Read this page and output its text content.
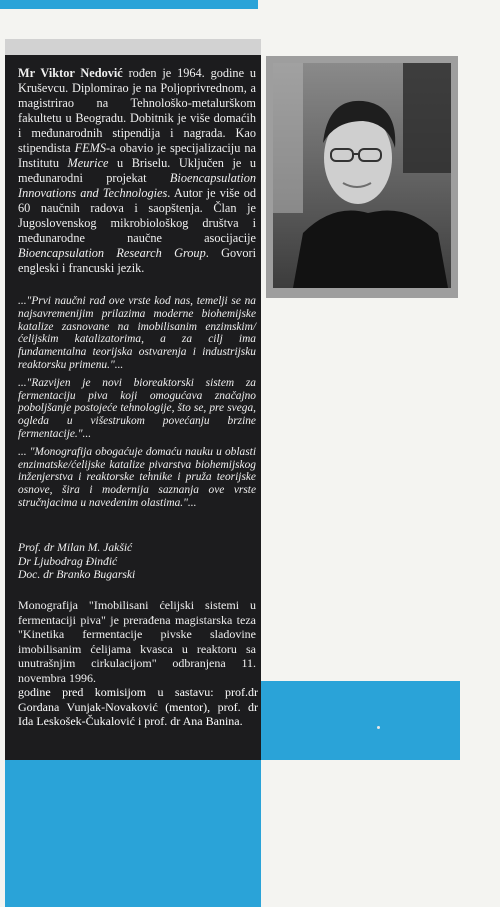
Mr Viktor Nedović rođen je 1964. godine u Kruševcu. Diplomirao je na Poljoprivrednom, a magistrirao na Tehnološko-metalurškom fakultetu u Beogradu. Dobitnik je više domaćih i međunarodnih stipendija i nagrada. Kao stipendista FEMS-a obavio je specijalizaciju na Institutu Meurice u Briselu. Uključen je u međunarodni projekat Bioencapsulation Innovations and Technologies. Autor je više od 60 naučnih radova i saopštenja. Član je Jugoslovenskog mikrobiološkog društva i međunarodne naučne asocijacije Bioencapsulation Research Group. Govori engleski i francuski jezik.

..."Prvi naučni rad ove vrste kod nas, temelji se na najsavremenijim prilazima moderne biohemijske katalize zasnovane na imobilisanim enzimskim/ćelijskim katalizatorima, a za cilj ima fundamentalna teorijska ostvarenja i industrijsku reaktorsku primenu."...

..."Razvijen je novi bioreaktorski sistem za fermentaciju piva koji omogućava značajno poboljšanje postojeće tehnologije, što se, pre svega, ogleda u višestrukom povećanju brzine fermentacije."...

... "Monografija obogaćuje domaću nauku u oblasti enzimatske/ćelijske katalize pivarstva biohemijskog inženjerstva i reaktorske tehnike i pruža teorijske osnove, šira i modernija saznanja ove vrste stručnjacima u navedenim olastima."...

Prof. dr Milan M. Jakšić
Dr Ljubodrag Đinđić
Doc. dr Branko Bugarski
Monografija "Imobilisani ćelijski sistemi u fermentaciji piva" je prerađena magistarska teza "Kinetika fermentacije pivske sladovine imobilisanim ćelijama kvasca u reaktoru sa unutrašnjim cirkulacijom" odbranjena 11. novembra 1996.
godine pred komisijom u sastavu: prof.dr Gordana Vunjak-Novaković (mentor), prof. dr Ida Leskošek-Čukalović i prof. dr Ana Banina.
